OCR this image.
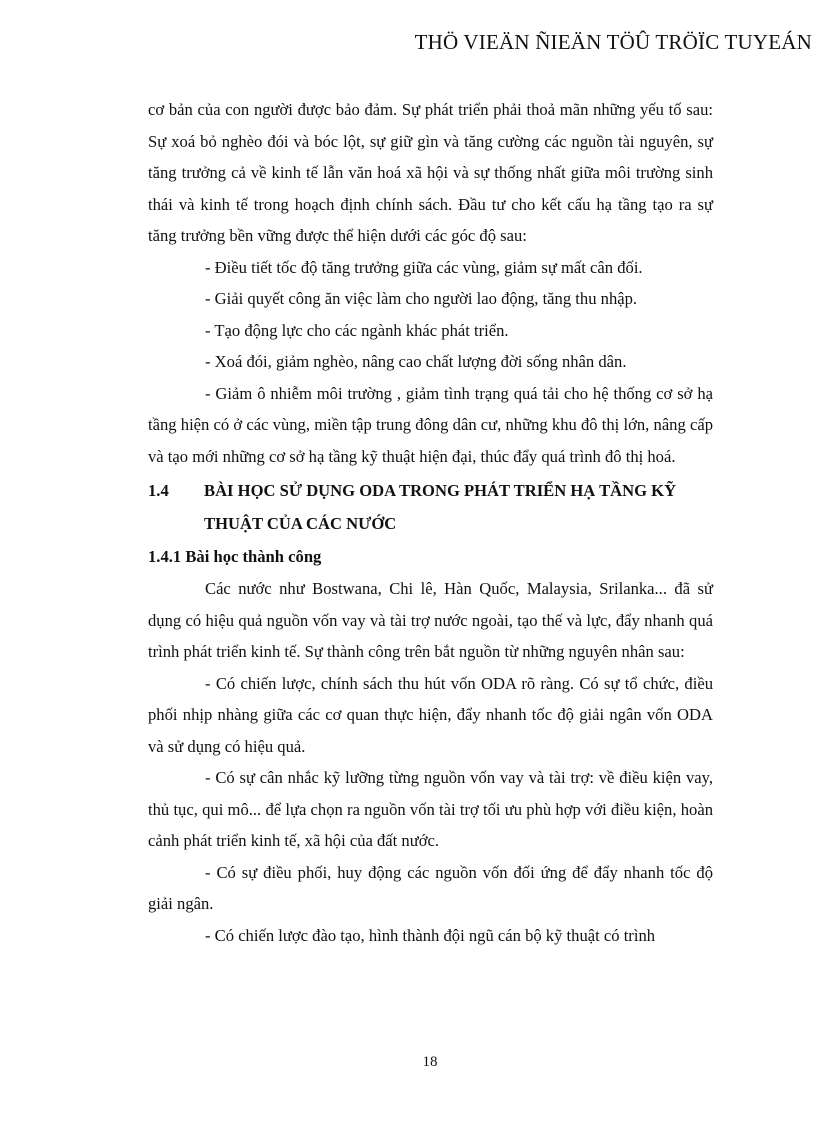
THÖ VIEÄN ÑIEÄN TÖÛ TRÖÏC TUYEÁN

cơ bản của con người được bảo đảm. Sự phát triển phải thoả mãn những yếu tố sau: Sự xoá bỏ nghèo đói và bóc lột, sự giữ gìn và tăng cường các nguồn tài nguyên, sự tăng trưởng cả về kinh tế lẫn văn hoá xã hội và sự thống nhất giữa môi trường sinh thái và kinh tế trong hoạch định chính sách. Đầu tư cho kết cấu hạ tầng tạo ra sự tăng trưởng bền vững được thể hiện dưới các góc độ sau:

- Điều tiết tốc độ tăng trưởng giữa các vùng, giảm sự mất cân đối.

- Giải quyết công ăn việc làm cho người lao động, tăng thu nhập.

- Tạo động lực cho các ngành khác phát triển.

- Xoá đói, giảm nghèo, nâng cao chất lượng đời sống nhân dân.

- Giảm ô nhiễm môi trường , giảm tình trạng quá tải cho hệ thống cơ sở hạ tầng hiện có ở các vùng, miền tập trung đông dân cư, những khu đô thị lớn, nâng cấp và tạo mới những cơ sở hạ tầng kỹ thuật hiện đại, thúc đẩy quá trình đô thị hoá.

1.4	BÀI HỌC SỬ DỤNG ODA TRONG PHÁT TRIỂN HẠ TẦNG KỸ THUẬT CỦA CÁC NƯỚC

1.4.1 Bài học thành công

Các nước như Bostwana, Chi lê, Hàn Quốc, Malaysia, Srilanka... đã sử dụng có hiệu quả nguồn vốn vay và tài trợ nước ngoài, tạo thế và lực, đẩy nhanh quá trình phát triển kinh tế. Sự thành công trên bắt nguồn từ những nguyên nhân sau:

- Có chiến lược, chính sách thu hút vốn ODA rõ ràng. Có sự tổ chức, điều phối nhịp nhàng giữa các cơ quan thực hiện, đẩy nhanh tốc độ giải ngân vốn ODA và sử dụng có hiệu quả.

- Có sự cân nhắc kỹ lưỡng từng nguồn vốn vay và tài trợ: về điều kiện vay, thủ tục, qui mô... để lựa chọn ra nguồn vốn tài trợ tối ưu phù hợp với điều kiện, hoàn cảnh phát triển kinh tế, xã hội của đất nước.

- Có sự điều phối, huy động các nguồn vốn đối ứng để đẩy nhanh tốc độ giải ngân.

- Có chiến lược đào tạo, hình thành đội ngũ cán bộ kỹ thuật có trình

18
